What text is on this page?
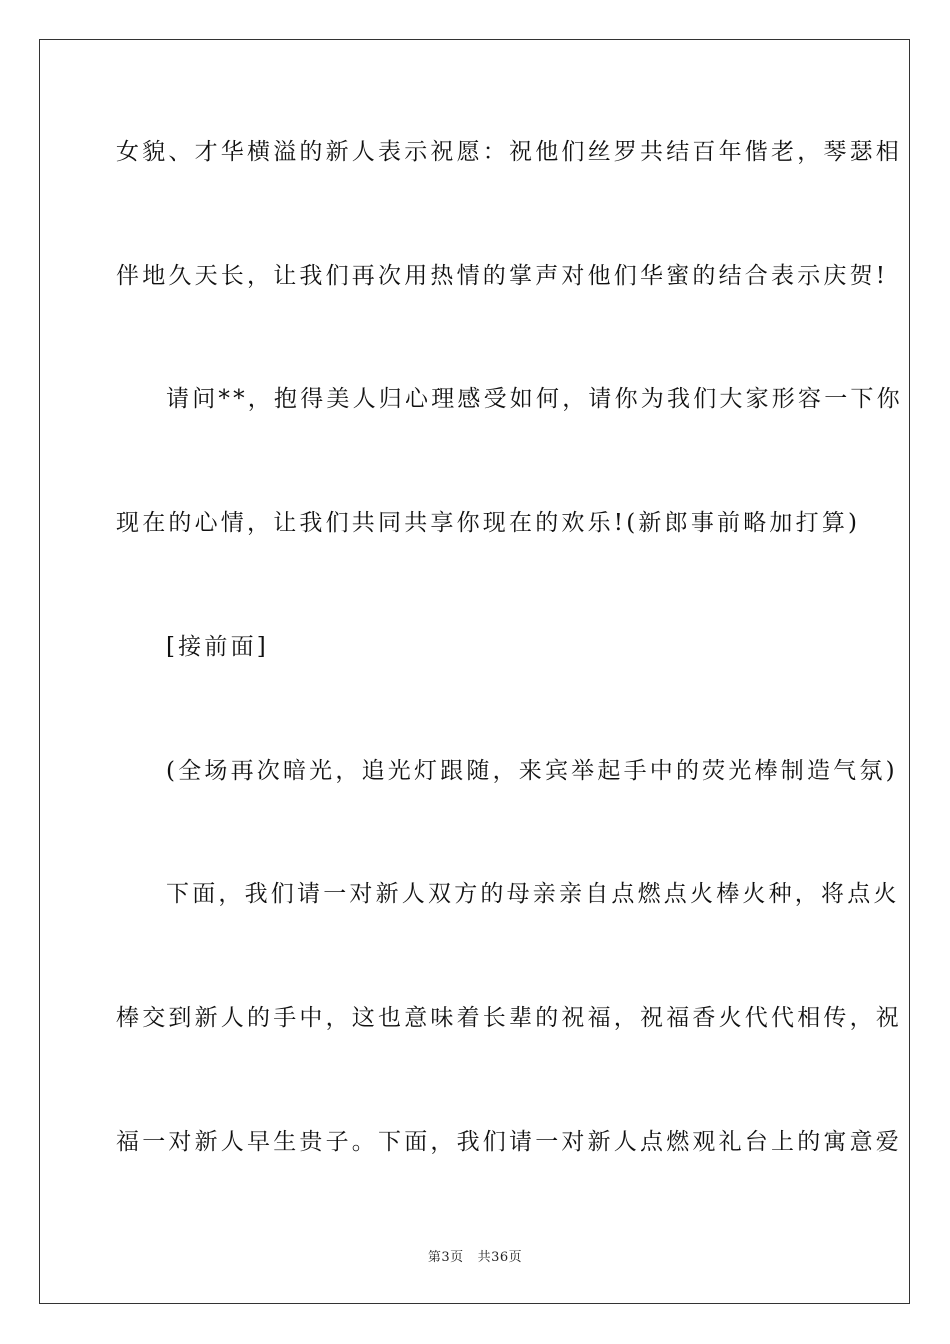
女貌、才华横溢的新人表示祝愿：祝他们丝罗共结百年偕老，琴瑟相
伴地久天长，让我们再次用热情的掌声对他们华蜜的结合表示庆贺!
请问**，抱得美人归心理感受如何，请你为我们大家形容一下你
现在的心情，让我们共同共享你现在的欢乐!(新郎事前略加打算)
[接前面]
(全场再次暗光，追光灯跟随，来宾举起手中的荧光棒制造气氛)
下面，我们请一对新人双方的母亲亲自点燃点火棒火种，将点火
棒交到新人的手中，这也意味着长辈的祝福，祝福香火代代相传，祝
福一对新人早生贵子。下面，我们请一对新人点燃观礼台上的寓意爱
第3页 共36页
